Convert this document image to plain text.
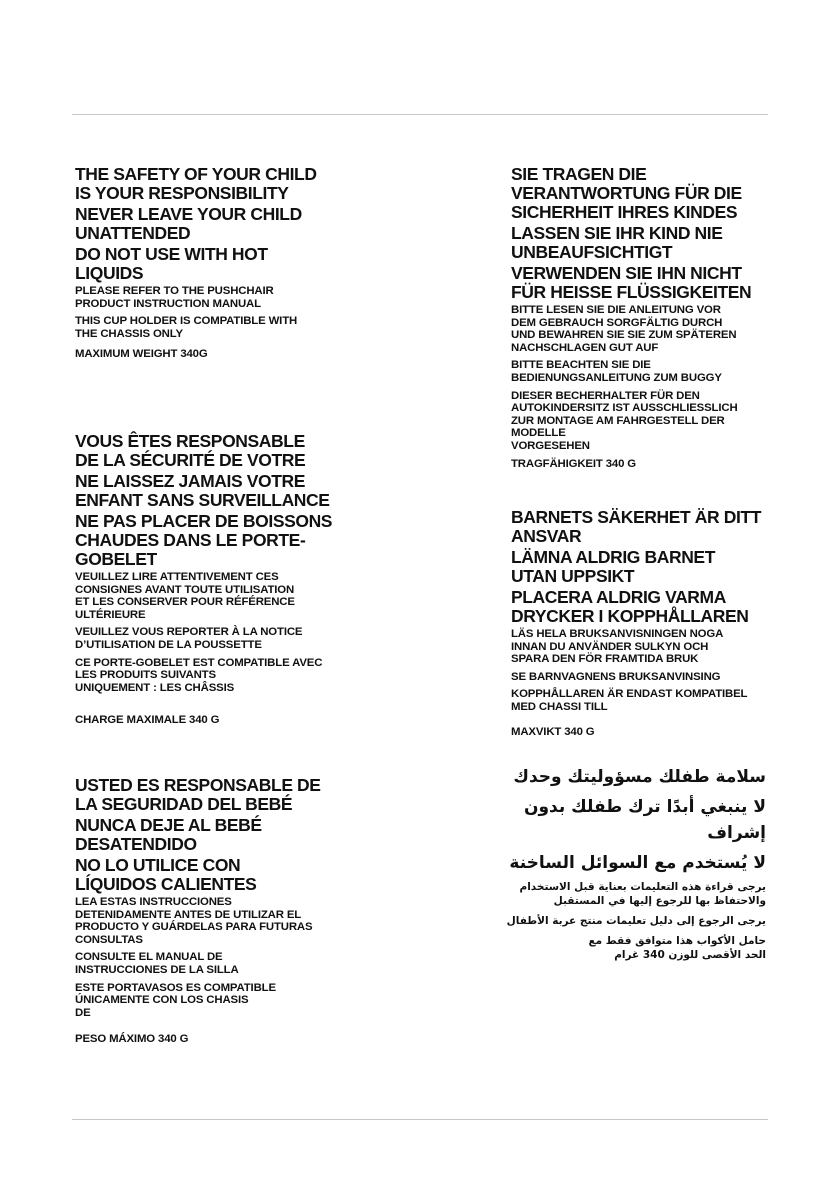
THE SAFETY OF YOUR CHILD
IS YOUR RESPONSIBILITY
NEVER LEAVE YOUR CHILD
UNATTENDED
DO NOT USE WITH HOT
LIQUIDS
PLEASE REFER TO THE PUSHCHAIR
PRODUCT INSTRUCTION MANUAL
THIS CUP HOLDER IS COMPATIBLE WITH
THE CHASSIS ONLY
MAXIMUM WEIGHT 340G
SIE TRAGEN DIE
VERANTWORTUNG FÜR DIE
SICHERHEIT IHRES KINDES
LASSEN SIE IHR KIND NIE
UNBEAUFSICHTIGT
VERWENDEN SIE IHN NICHT
FÜR HEISSE FLÜSSIGKEITEN
BITTE LESEN SIE DIE ANLEITUNG VOR
DEM GEBRAUCH SORGFÄLTIG DURCH
UND BEWAHREN SIE SIE ZUM SPÄTEREN
NACHSCHLAGEN GUT AUF
BITTE BEACHTEN SIE DIE
BEDIENUNGSANLEITUNG ZUM BUGGY
DIESER BECHERHALTER FÜR DEN
AUTOKINDERSITZ IST AUSSCHLIESSLICH
ZUR MONTAGE AM FAHRGESTELL DER
MODELLE
VORGESEHEN
TRAGFÄHIGKEIT 340 G
VOUS ÊTES RESPONSABLE
DE LA SÉCURITÉ DE VOTRE
NE LAISSEZ JAMAIS VOTRE
ENFANT SANS SURVEILLANCE
NE PAS PLACER DE BOISSONS
CHAUDES DANS LE PORTE-
GOBELET
VEUILLEZ LIRE ATTENTIVEMENT CES
CONSIGNES AVANT TOUTE UTILISATION
ET LES CONSERVER POUR RÉFÉRENCE
ULTÉRIEURE
VEUILLEZ VOUS REPORTER À LA NOTICE
D’UTILISATION DE LA POUSSETTE
CE PORTE-GOBELET EST COMPATIBLE AVEC
LES PRODUITS SUIVANTS
UNIQUEMENT : LES CHÂSSIS
CHARGE MAXIMALE 340 G
BARNETS SÄKERHET ÄR DITT
ANSVAR
LÄMNA ALDRIG BARNET
UTAN UPPSIKT
PLACERA ALDRIG VARMA
DRYCKER I KOPPHÅLLAREN
LÄS HELA BRUKSANVISNINGEN NOGA
INNAN DU ANVÄNDER SULKYN OCH
SPARA DEN FÖR FRAMTIDA BRUK
SE BARNVAGNENS BRUKSANVINSING
KOPPHÅLLAREN ÄR ENDAST KOMPATIBEL
MED CHASSI TILL
MAXVIKT 340 G
USTED ES RESPONSABLE DE
LA SEGURIDAD DEL BEBÉ
NUNCA DEJE AL BEBÉ
DESATENDIDO
NO LO UTILICE CON
LÍQUIDOS CALIENTES
LEA ESTAS INSTRUCCIONES
DETENIDAMENTE ANTES DE UTILIZAR EL
PRODUCTO Y GUÁRDELAS PARA FUTURAS
CONSULTAS
CONSULTE EL MANUAL DE
INSTRUCCIONES DE LA SILLA
ESTE PORTAVASOS ES COMPATIBLE
ÚNICAMENTE CON LOS CHASIS
DE
PESO MÁXIMO 340 G
سلامة طفلك مسؤوليتك وحدك
لا ينبغي أبدًا ترك طفلك بدون
إشراف
لا يُستخدم مع السوائل الساخنة
يرجى قراءة هذه التعليمات بعناية قبل الاستخدام
والاحتفاظ بها للرجوع إليها في المستقبل
يرجى الرجوع إلى دليل تعليمات منتج عربة الأطفال
حامل الأكواب هذا متوافق فقط مع
الحد الأقصى للوزن 340 غرام
